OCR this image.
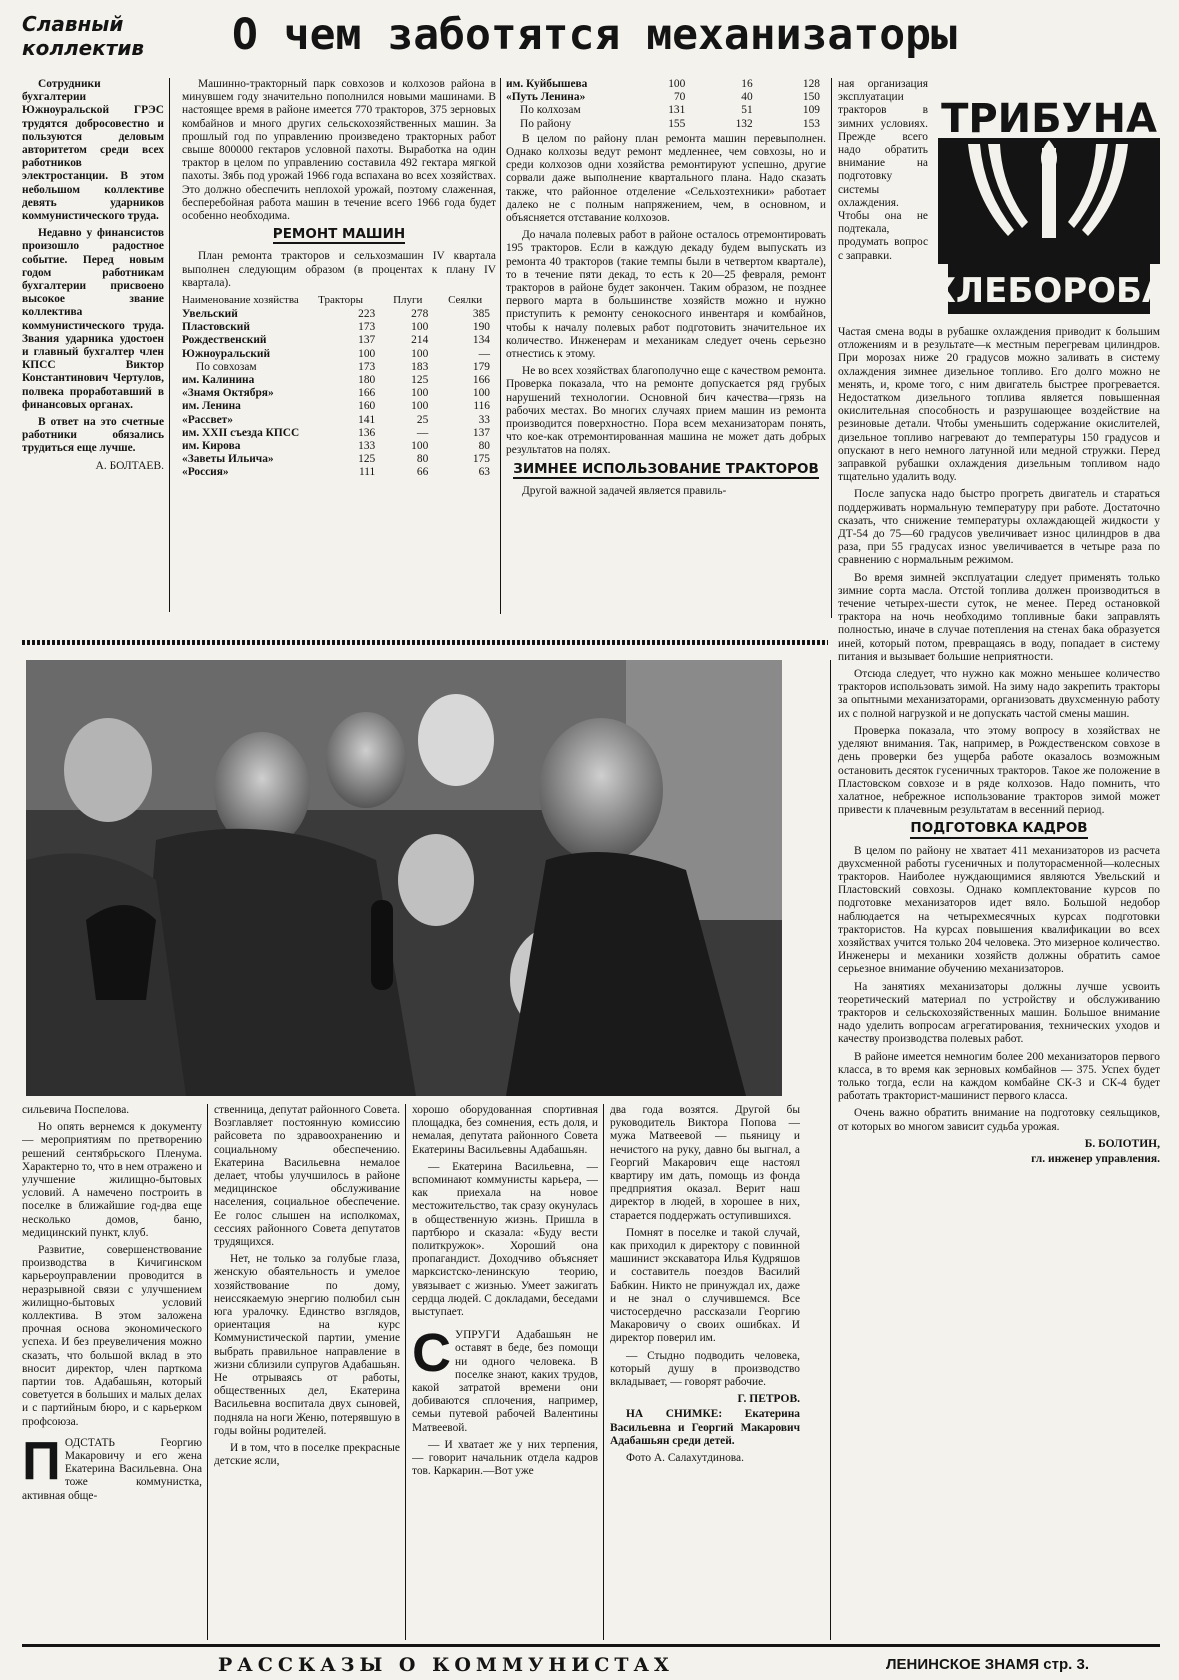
Славный
коллектив О чем заботятся механизаторы

Сотрудники бухгалтерии Южноуральской ГРЭС трудятся добросовестно и пользуются деловым авторитетом среди всех работников электростанции. В этом небольшом коллективе девять ударников коммунистического труда.

Недавно у финансистов произошло радостное событие. Перед новым годом работникам бухгалтерии присвоено высокое звание коллектива коммунистического труда. Звания ударника удостоен и главный бухгалтер член КПСС Виктор Константинович Чертулов, полвека проработавший в финансовых органах.

В ответ на это счетные работники обязались трудиться еще лучше.

А. БОЛТАЕВ.

Машинно-тракторный парк совхозов и колхозов района в минувшем году значительно пополнился новыми машинами. В настоящее время в районе имеется 770 тракторов, 375 зерновых комбайнов и много других сельскохозяйственных машин. За прошлый год по управлению произведено тракторных работ свыше 800000 гектаров условной пахоты. Выработка на один трактор в целом по управлению составила 492 гектара мягкой пахоты. Зябь под урожай 1966 года вспахана во всех хозяйствах. Это должно обеспечить неплохой урожай, поэтому слаженная, бесперебойная работа машин в течение всего 1966 года будет особенно необходима.

РЕМОНТ МАШИН

План ремонта тракторов и сельхозмашин IV квартала выполнен следующим образом (в процентах к плану IV квартала).

Наименование хозяйства	Тракторы	Плуги	Сеялки
Увельский	223	278	385
Пластовский	173	100	190
Рождественский	137	214	134
Южноуральский	100	100	—
По совхозам	173	183	179
им. Калинина	180	125	166
«Знамя Октября»	166	100	100
им. Ленина	160	100	116
«Рассвет»	141	25	33
им. XXII съезда КПСС	136	—	137
им. Кирова	133	100	80
«Заветы Ильича»	125	80	175
«Россия»	111	66	63
им. Куйбышева	100	16	128
«Путь Ленина»	70	40	150
По колхозам	131	51	109
По району	155	132	153

В целом по району план ремонта машин перевыполнен. Однако колхозы ведут ремонт медленнее, чем совхозы, но и среди колхозов одни хозяйства ремонтируют успешно, другие сорвали даже выполнение квартального плана. Надо сказать также, что районное отделение «Сельхозтехники» работает далеко не с полным напряжением, чем, в основном, и объясняется отставание колхозов.

До начала полевых работ в районе осталось отремонтировать 195 тракторов. Если в каждую декаду будем выпускать из ремонта 40 тракторов (такие темпы были в четвертом квартале), то в течение пяти декад, то есть к 20—25 февраля, ремонт тракторов в районе будет закончен. Таким образом, не позднее первого марта в большинстве хозяйств можно и нужно приступить к ремонту сенокосного инвентаря и комбайнов, чтобы к началу полевых работ подготовить значительное их количество. Инженерам и механикам следует очень серьезно отнестись к этому.

Не во всех хозяйствах благополучно еще с качеством ремонта. Проверка показала, что на ремонте допускается ряд грубых нарушений технологии. Основной бич качества—грязь на рабочих местах. Во многих случаях прием машин из ремонта производится поверхностно. Пора всем механизаторам понять, что кое-как отремонтированная машина не может дать добрых результатов на полях.

ЗИМНЕЕ ИСПОЛЬЗОВАНИЕ ТРАКТОРОВ

Другой важной задачей является правиль-

ная организация эксплуатации тракторов в зимних условиях. Прежде всего надо обратить внимание на подготовку системы охлаждения. Чтобы она не подтекала, продумать вопрос с заправки.

ТРИБУНА
ХЛЕБОРОБА

Частая смена воды в рубашке охлаждения приводит к большим отложениям и в результате—к местным перегревам цилиндров. При морозах ниже 20 градусов можно заливать в систему охлаждения зимнее дизельное топливо. Его долго можно не менять, и, кроме того, с ним двигатель быстрее прогревается. Недостатком дизельного топлива является повышенная окислительная способность и разрушающее воздействие на резиновые детали. Чтобы уменьшить содержание окислителей, дизельное топливо нагревают до температуры 150 градусов и опускают в него немного латунной или медной стружки. Перед заправкой рубашки охлаждения дизельным топливом надо тщательно удалить воду.

После запуска надо быстро прогреть двигатель и стараться поддерживать нормальную температуру при работе. Достаточно сказать, что снижение температуры охлаждающей жидкости у ДТ-54 до 75—60 градусов увеличивает износ цилиндров в два раза, при 55 градусах износ увеличивается в четыре раза по сравнению с нормальным режимом.

Во время зимней эксплуатации следует применять только зимние сорта масла. Отстой топлива должен производиться в течение четырех-шести суток, не менее. Перед остановкой трактора на ночь необходимо топливные баки заправлять полностью, иначе в случае потепления на стенах бака образуется иней, который потом, превращаясь в воду, попадает в систему питания и вызывает большие неприятности.

Отсюда следует, что нужно как можно меньшее количество тракторов использовать зимой. На зиму надо закрепить тракторы за опытными механизаторами, организовать двухсменную работу их с полной нагрузкой и не допускать частой смены машин.

Проверка показала, что этому вопросу в хозяйствах не уделяют внимания. Так, например, в Рождественском совхозе в день проверки без ущерба работе оказалось возможным остановить десяток гусеничных тракторов. Такое же положение в Пластовском совхозе и в ряде колхозов. Надо помнить, что халатное, небрежное использование тракторов зимой может привести к плачевным результатам в весенний период.

ПОДГОТОВКА КАДРОВ

В целом по району не хватает 411 механизаторов из расчета двухсменной работы гусеничных и полуторасменной—колесных тракторов. Наиболее нуждающимися являются Увельский и Пластовский совхозы. Однако комплектование курсов по подготовке механизаторов идет вяло. Большой недобор наблюдается на четырехмесячных курсах подготовки трактористов. На курсах повышения квалификации во всех хозяйствах учится только 204 человека. Это мизерное количество. Инженеры и механики хозяйств должны обратить самое серьезное внимание обучению механизаторов.

На занятиях механизаторы должны лучше усвоить теоретический материал по устройству и обслуживанию тракторов и сельскохозяйственных машин. Большое внимание надо уделить вопросам агрегатирования, технических уходов и качеству производства полевых работ.

В районе имеется немногим более 200 механизаторов первого класса, в то время как зерновых комбайнов — 375. Успех будет только тогда, если на каждом комбайне СК-3 и СК-4 будет работать тракторист-машинист первого класса.

Очень важно обратить внимание на подготовку сеяльщиков, от которых во многом зависит судьба урожая.

Б. БОЛОТИН,
гл. инженер управления.

сильевича Поспелова.

Но опять вернемся к документу — мероприятиям по претворению решений сентябрьского Пленума. Характерно то, что в нем отражено и улучшение жилищно-бытовых условий. А намечено построить в поселке в ближайшие год-два еще несколько домов, баню, медицинский пункт, клуб.

Развитие, совершенствование производства в Кичигинском карьероуправлении проводится в неразрывной связи с улучшением жилищно-бытовых условий коллектива. В этом заложена прочная основа экономического успеха. И без преувеличения можно сказать, что большой вклад в это вносит директор, член парткома партии тов. Адабашьян, который советуется в больших и малых делах и с партийным бюро, и с карьерком профсоюза.

ПОДСТАТЬ Георгию Макаровичу и его жена Екатерина Васильевна. Она тоже коммунистка, активная обще-

ственница, депутат районного Совета. Возглавляет постоянную комиссию райсовета по здравоохранению и социальному обеспечению. Екатерина Васильевна немалое делает, чтобы улучшилось в районе медицинское обслуживание населения, социальное обеспечение. Ее голос слышен на исполкомах, сессиях районного Совета депутатов трудящихся.

Нет, не только за голубые глаза, женскую обаятельность и умелое хозяйствование по дому, неиссякаемую энергию полюбил сын юга уралочку. Единство взглядов, ориентация на курс Коммунистической партии, умение выбрать правильное направление в жизни сблизили супругов Адабашьян. Не отрываясь от работы, общественных дел, Екатерина Васильевна воспитала двух сыновей, подняла на ноги Женю, потерявшую в годы войны родителей.

И в том, что в поселке прекрасные детские ясли,

хорошо оборудованная спортивная площадка, без сомнения, есть доля, и немалая, депутата районного Совета Екатерины Васильевны Адабашьян.

— Екатерина Васильевна, — вспоминают коммунисты карьера, — как приехала на новое местожительство, так сразу окунулась в общественную жизнь. Пришла в партбюро и сказала: «Буду вести политкружок». Хороший она пропагандист. Доходчиво объясняет марксистско-ленинскую теорию, увязывает с жизнью. Умеет зажигать сердца людей. С докладами, беседами выступает.

СУПРУГИ Адабашьян не оставят в беде, без помощи ни одного человека. В поселке знают, каких трудов, какой затратой времени они добиваются сплочения, например, семьи путевой рабочей Валентины Матвеевой.

— И хватает же у них терпения, — говорит начальник отдела кадров тов. Каркарин.—Вот уже

два года возятся. Другой бы руководитель Виктора Попова — мужа Матвеевой — пьяницу и нечистого на руку, давно бы выгнал, а Георгий Макарович еще настоял квартиру им дать, помощь из фонда предприятия оказал. Верит наш директор в людей, в хорошее в них, старается поддержать оступившихся.

Помнят в поселке и такой случай, как приходил к директору с повинной машинист экскаватора Илья Кудряшов и составитель поездов Василий Бабкин. Никто не принуждал их, даже и не знал о случившемся. Все чистосердечно рассказали Георгию Макаровичу о своих ошибках. И директор поверил им.

— Стыдно подводить человека, который душу в производство вкладывает, — говорят рабочие.

Г. ПЕТРОВ.

НА СНИМКЕ: Екатерина Васильевна и Георгий Макарович Адабашьян среди детей.

Фото А. Салахутдинова.

РАССКАЗЫ О КОММУНИСТАХ	ЛЕНИНСКОЕ ЗНАМЯ стр. 3.
